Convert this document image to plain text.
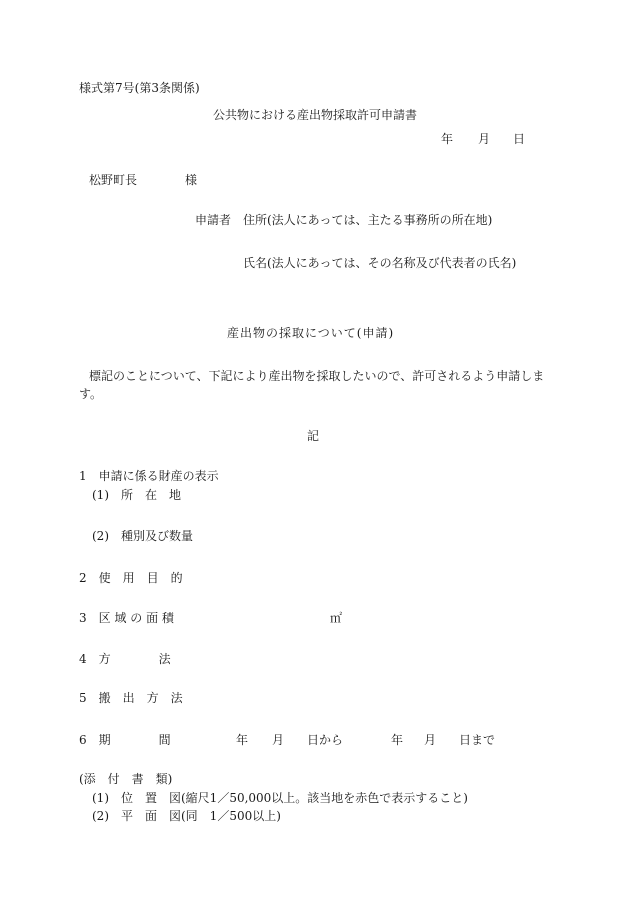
様式第7号(第3条関係)
公共物における産出物採取許可申請書
年 月 日
松野町長	様
申請者 住所(法人にあっては、主たる事務所の所在地)
氏名(法人にあっては、その名称及び代表者の氏名)
産出物の採取について(申請)
標記のことについて、下記により産出物を採取したいので、許可されるよう申請しま
す。
記
1　申請に係る財産の表示
(1)　所　在　地
(2)　種別及び数量
2　使　用　目　的
3　区 域 の 面 積	㎡
4　方　　　　法
5　搬　出　方　法
6　期　　　　間	年 月 日から	年 月 日まで
(添　付　書　類)
(1)　位　置　図(縮尺1／50,000以上。該当地を赤色で表示すること)
(2)　平　面　図(同　1／500以上)
